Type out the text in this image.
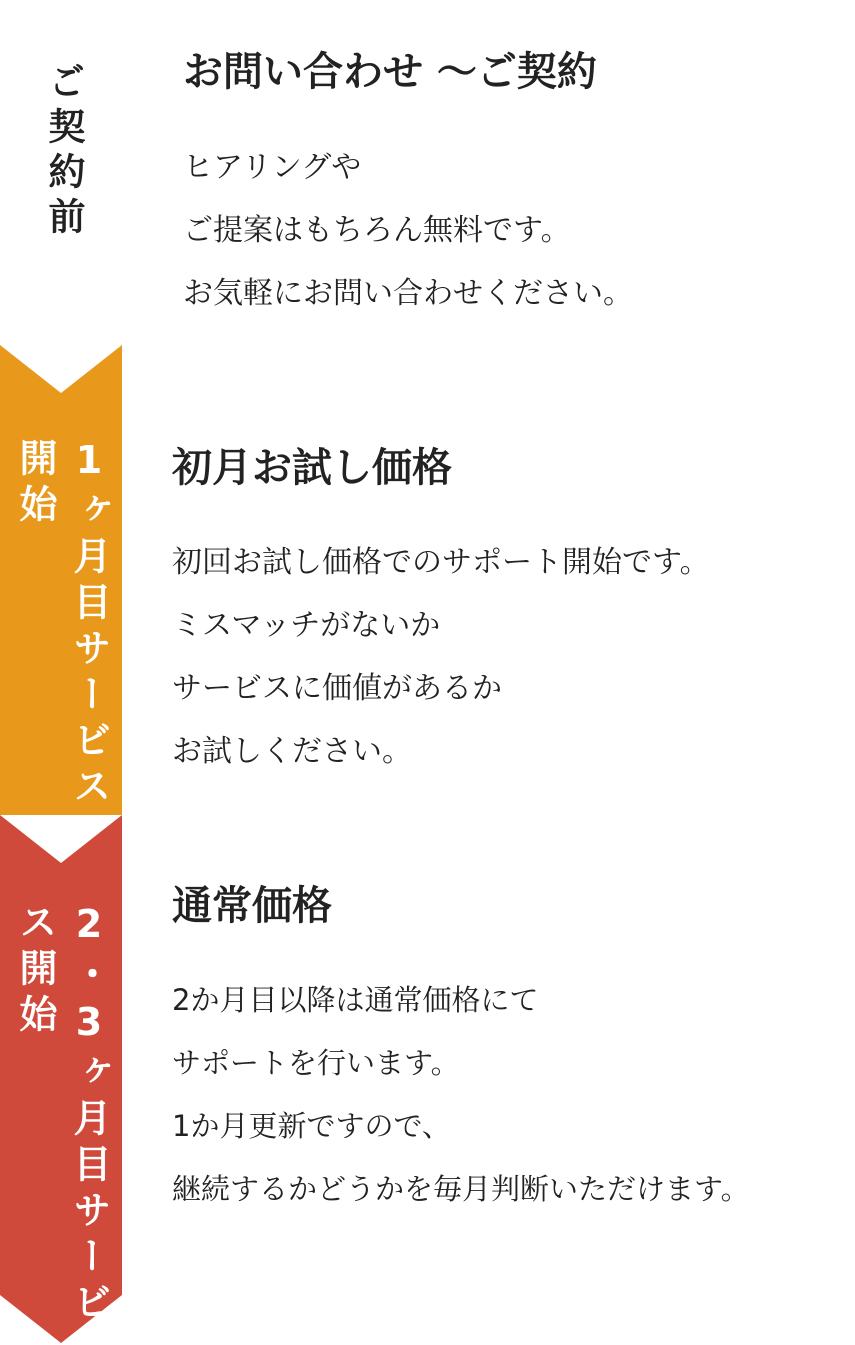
ご契約前
1ヶ月目サービス開始
2・3ヶ月目サービス開始
お問い合わせ 〜ご契約
ヒアリングや
ご提案はもちろん無料です。
お気軽にお問い合わせください。
初月お試し価格
初回お試し価格でのサポート開始です。
ミスマッチがないか
サービスに価値があるか
お試しください。
通常価格
2か月目以降は通常価格にて
サポートを行います。
1か月更新ですので、
継続するかどうかを毎月判断いただけます。
